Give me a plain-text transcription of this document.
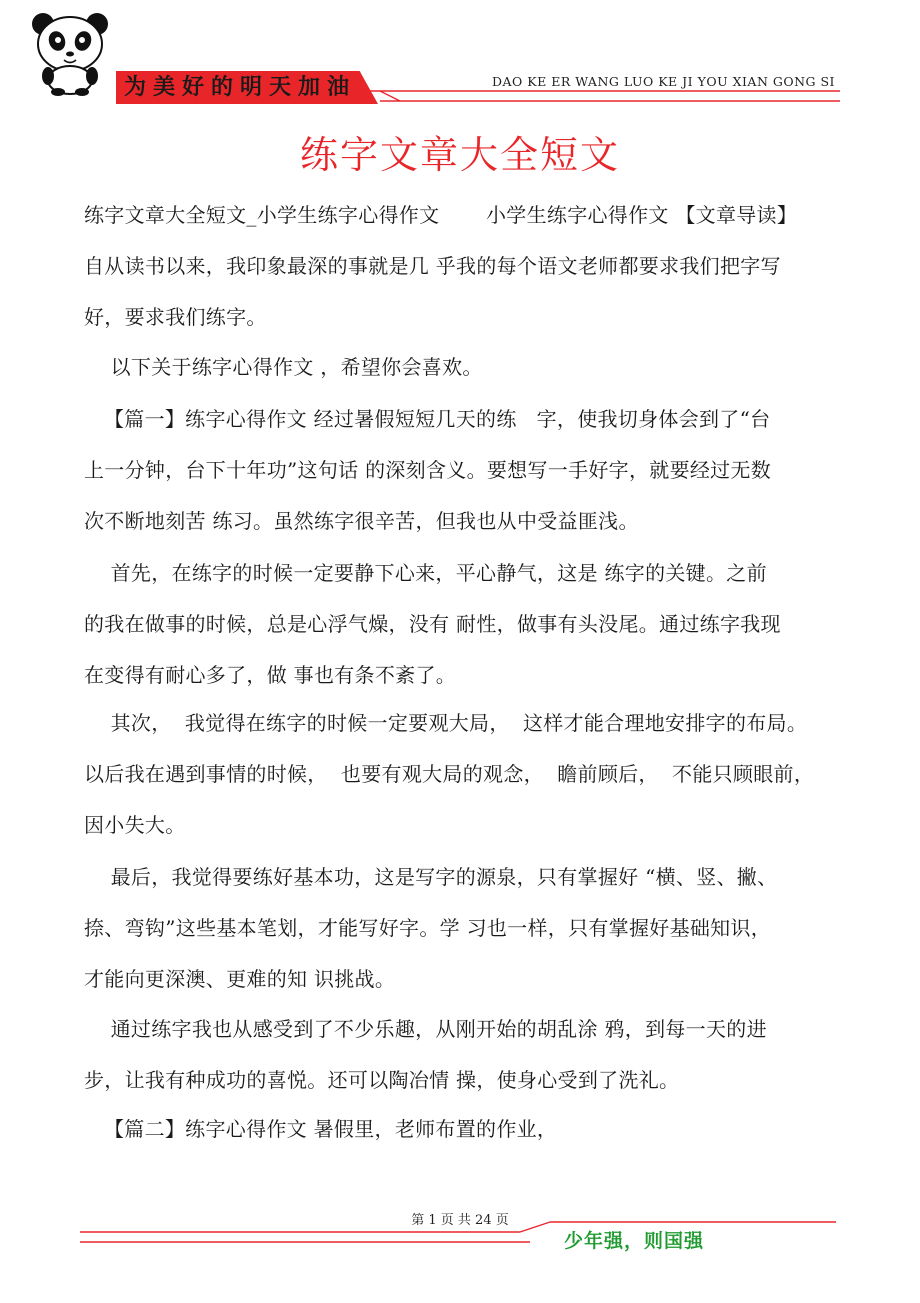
为美好的明天加油	DAO KE ER WANG LUO KE JI YOU XIAN GONG SI
练字文章大全短文
练字文章大全短文_小学生练字心得作文       小学生练字心得作文 【文章导读】
自从读书以来，我印象最深的事就是几 乎我的每个语文老师都要求我们把字写
好，要求我们练字。
以下关于练字心得作文 ，希望你会喜欢。
【篇一】练字心得作文 经过暑假短短几天的练   字，使我切身体会到了“台
上一分钟，台下十年功”这句话 的深刻含义。要想写一手好字，就要经过无数
次不断地刻苦 练习。虽然练字很辛苦，但我也从中受益匪浅。
首先，在练字的时候一定要静下心来，平心静气，这是 练字的关键。之前
的我在做事的时候，总是心浮气燥，没有 耐性，做事有头没尾。通过练字我现
在变得有耐心多了，做 事也有条不紊了。
其次，  我觉得在练字的时候一定要观大局，  这样才能合理地安排字的布局。
以后我在遇到事情的时候，  也要有观大局的观念，  瞻前顾后，  不能只顾眼前，
因小失大。
最后，我觉得要练好基本功，这是写字的源泉，只有掌握好 “横、竖、撇、
捺、弯钩”这些基本笔划，才能写好字。学 习也一样，只有掌握好基础知识，
才能向更深澳、更难的知 识挑战。
通过练字我也从感受到了不少乐趣，从刚开始的胡乱涂 鸦，到每一天的进
步，让我有种成功的喜悦。还可以陶冶情 操，使身心受到了洗礼。
【篇二】练字心得作文 暑假里，老师布置的作业，
第 1 页 共 24 页
少年强，则国强
